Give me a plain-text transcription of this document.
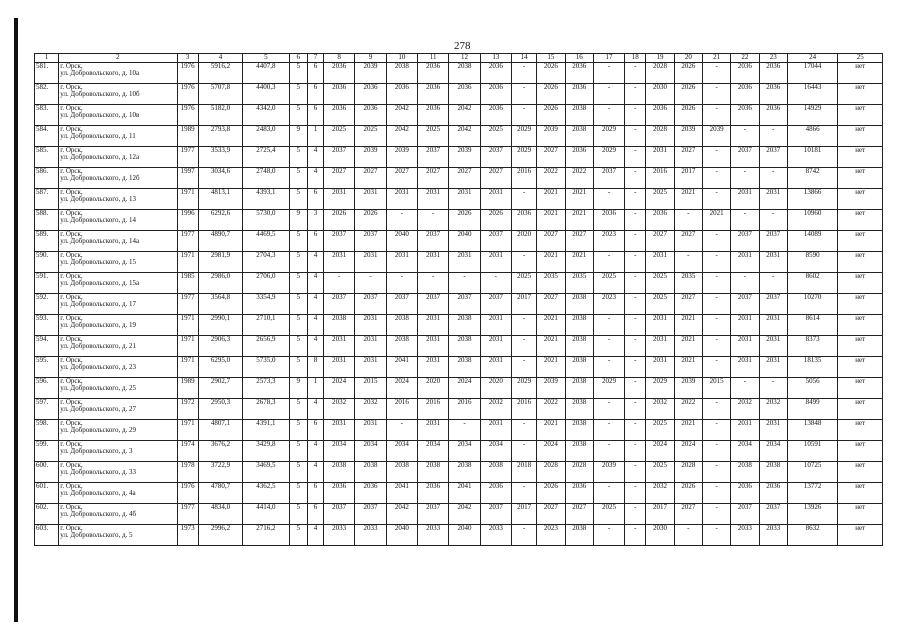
278
1	2	3	4	5	6	7	8	9	10	11	12	13	14	15	16	17	18	19	20	21	22	23	24	25
581.	г. Орск,
ул. Добровольского, д. 10а	1976	5916,2	4407,8	5	6	2036	2039	2038	2036	2038	2036	-	2026	2036	-	-	2028	2026	-	2036	2036	17044	нет
582.	г. Орск,
ул. Добровольского, д. 10б	1976	5707,8	4400,3	5	6	2036	2036	2036	2036	2036	2036	-	2026	2036	-	-	2030	2026	-	2036	2036	16443	нет
583.	г. Орск,
ул. Добровольского, д. 10в	1976	5182,0	4342,0	5	6	2036	2036	2042	2036	2042	2036	-	2026	2038	-	-	2036	2026	-	2036	2036	14929	нет
584.	г. Орск,
ул. Добровольского, д. 11	1989	2793,8	2483,0	9	1	2025	2025	2042	2025	2042	2025	2029	2039	2038	2029	-	2028	2039	2039	-	-	4866	нет
585.	г. Орск,
ул. Добровольского, д. 12а	1977	3533,9	2725,4	5	4	2037	2039	2039	2037	2039	2037	2029	2027	2036	2029	-	2031	2027	-	2037	2037	10181	нет
586.	г. Орск,
ул. Добровольского, д. 12б	1997	3034,6	2748,0	5	4	2027	2027	2027	2027	2027	2027	2016	2022	2022	2037	-	2016	2017	-	-	-	8742	нет
587.	г. Орск,
ул. Добровольского, д. 13	1971	4813,1	4393,1	5	6	2031	2031	2031	2031	2031	2031	-	2021	2021	-	-	2025	2021	-	2031	2031	13866	нет
588.	г. Орск,
ул. Добровольского, д. 14	1996	6292,6	5730,0	9	3	2026	2026	-	-	2026	2026	2036	2021	2021	2036	-	2036	-	2021	-	-	10960	нет
589.	г. Орск,
ул. Добровольского, д. 14а	1977	4890,7	4469,5	5	6	2037	2037	2040	2037	2040	2037	2020	2027	2027	2023	-	2027	2027	-	2037	2037	14089	нет
590.	г. Орск,
ул. Добровольского, д. 15	1971	2981,9	2704,3	5	4	2031	2031	2031	2031	2031	2031	-	2021	2021	-	-	2031	-	-	2031	2031	8590	нет
591.	г. Орск,
ул. Добровольского, д. 15а	1985	2986,0	2706,0	5	4	-	-	-	-	-	-	2025	2035	2035	2025	-	2025	2035	-	-	-	8602	нет
592.	г. Орск,
ул. Добровольского, д. 17	1977	3564,8	3354,9	5	4	2037	2037	2037	2037	2037	2037	2017	2027	2038	2023	-	2025	2027	-	2037	2037	10270	нет
593.	г. Орск,
ул. Добровольского, д. 19	1971	2990,1	2710,1	5	4	2038	2031	2038	2031	2038	2031	-	2021	2038	-	-	2031	2021	-	2031	2031	8614	нет
594.	г. Орск,
ул. Добровольского, д. 21	1971	2906,3	2656,9	5	4	2031	2031	2038	2031	2038	2031	-	2021	2038	-	-	2031	2021	-	2031	2031	8373	нет
595.	г. Орск,
ул. Добровольского, д. 23	1971	6295,0	5735,0	5	8	2031	2031	2041	2031	2038	2031	-	2021	2038	-	-	2031	2021	-	2031	2031	18135	нет
596.	г. Орск,
ул. Добровольского, д. 25	1989	2902,7	2573,3	9	1	2024	2015	2024	2020	2024	2020	2029	2039	2038	2029	-	2029	2039	2015	-	-	5056	нет
597.	г. Орск,
ул. Добровольского, д. 27	1972	2950,3	2678,3	5	4	2032	2032	2016	2016	2016	2032	2016	2022	2038	-	-	2032	2022	-	2032	2032	8499	нет
598.	г. Орск,
ул. Добровольского, д. 29	1971	4807,1	4391,1	5	6	2031	2031	-	2031	-	2031	-	2021	2038	-	-	2025	2021	-	2031	2031	13848	нет
599.	г. Орск,
ул. Добровольского, д. 3	1974	3676,2	3429,8	5	4	2034	2034	2034	2034	2034	2034	-	2024	2038	-	-	2024	2024	-	2034	2034	10591	нет
600.	г. Орск,
ул. Добровольского, д. 33	1978	3722,9	3469,5	5	4	2038	2038	2038	2038	2038	2038	2018	2028	2028	2039	-	2025	2028	-	2038	2038	10725	нет
601.	г. Орск,
ул. Добровольского, д. 4а	1976	4780,7	4362,5	5	6	2036	2036	2041	2036	2041	2036	-	2026	2036	-	-	2032	2026	-	2036	2036	13772	нет
602.	г. Орск,
ул. Добровольского, д. 4б	1977	4834,0	4414,0	5	6	2037	2037	2042	2037	2042	2037	2017	2027	2027	2025	-	2017	2027	-	2037	2037	13926	нет
603.	г. Орск,
ул. Добровольского, д. 5	1973	2996,2	2716,2	5	4	2033	2033	2040	2033	2040	2033	-	2023	2038	-	-	2030	-	-	2033	2033	8632	нет
